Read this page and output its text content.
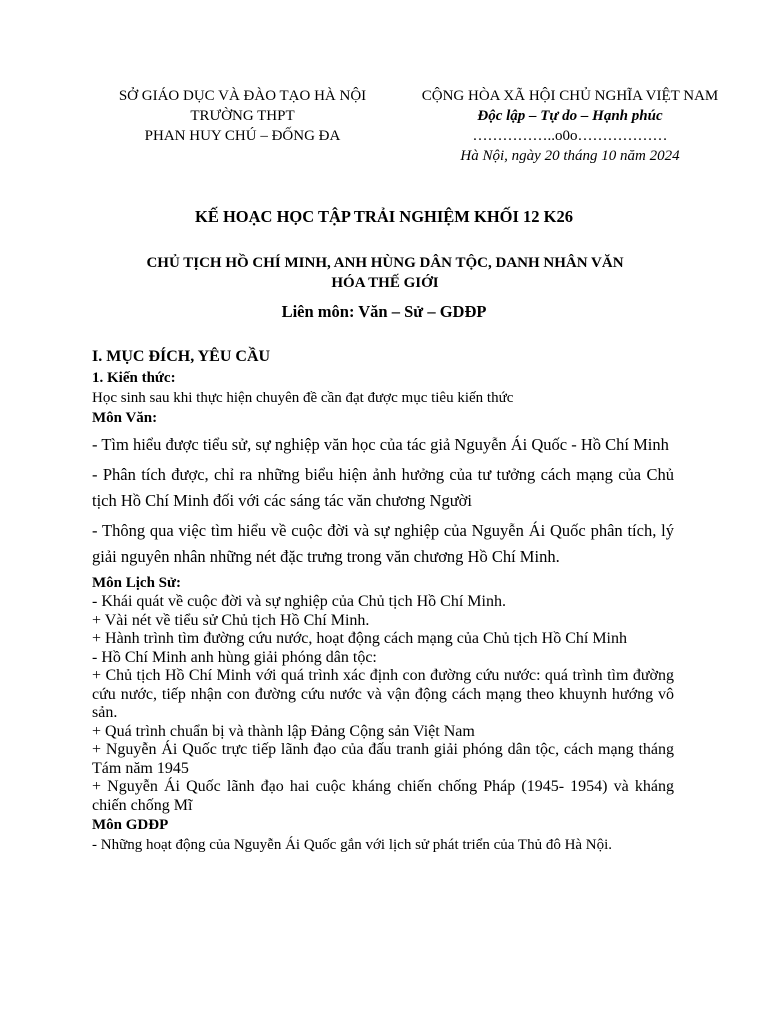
SỞ GIÁO DỤC VÀ ĐÀO TẠO HÀ NỘI
TRƯỜNG THPT
PHAN HUY CHÚ – ĐỐNG ĐA
CỘNG HÒA XÃ HỘI CHỦ NGHĨA VIỆT NAM
Độc lập – Tự do – Hạnh phúc
……………..o0o………………
Hà Nội, ngày 20 tháng 10 năm 2024
KẾ HOẠC HỌC TẬP TRẢI NGHIỆM KHỐI 12 K26
CHỦ TỊCH HỒ CHÍ MINH, ANH HÙNG DÂN TỘC, DANH NHÂN VĂN
HÓA THẾ GIỚI
Liên môn: Văn – Sử – GDĐP
I. MỤC ĐÍCH, YÊU CẦU
1. Kiến thức:
Học sinh sau khi thực hiện chuyên đề cần đạt được mục tiêu kiến thức
Môn Văn:
- Tìm hiểu được tiểu sử, sự nghiệp văn học của tác giả Nguyễn Ái Quốc - Hồ Chí Minh
- Phân tích được, chỉ ra những biểu hiện ảnh hưởng của tư tưởng cách mạng của Chủ tịch Hồ Chí Minh đối với các sáng tác văn chương Người
- Thông qua việc tìm hiểu về cuộc đời và sự nghiệp của Nguyễn Ái Quốc phân tích, lý giải nguyên nhân những nét đặc trưng trong văn chương Hồ Chí Minh.
Môn Lịch Sử:
- Khái quát về cuộc đời và sự nghiệp của Chủ tịch Hồ Chí Minh.
+ Vài nét về tiểu sử Chủ tịch Hồ Chí Minh.
+ Hành trình tìm đường cứu nước, hoạt động cách mạng của Chủ tịch Hồ Chí Minh
- Hồ Chí Minh anh hùng giải phóng dân tộc:
+ Chủ tịch Hồ Chí Minh với quá trình xác định con đường cứu nước: quá trình tìm đường cứu nước, tiếp nhận con đường cứu nước và vận động cách mạng theo khuynh hướng vô sản.
+ Quá trình chuẩn bị và thành lập Đảng Cộng sản Việt Nam
+ Nguyễn Ái Quốc trực tiếp lãnh đạo của đấu tranh giải phóng dân tộc, cách mạng tháng Tám năm 1945
+ Nguyễn Ái Quốc lãnh đạo hai cuộc kháng chiến chống Pháp (1945- 1954) và kháng chiến chống Mĩ
Môn GDĐP
- Những hoạt động của Nguyễn Ái Quốc gắn với lịch sử phát triển của Thủ đô Hà Nội.
